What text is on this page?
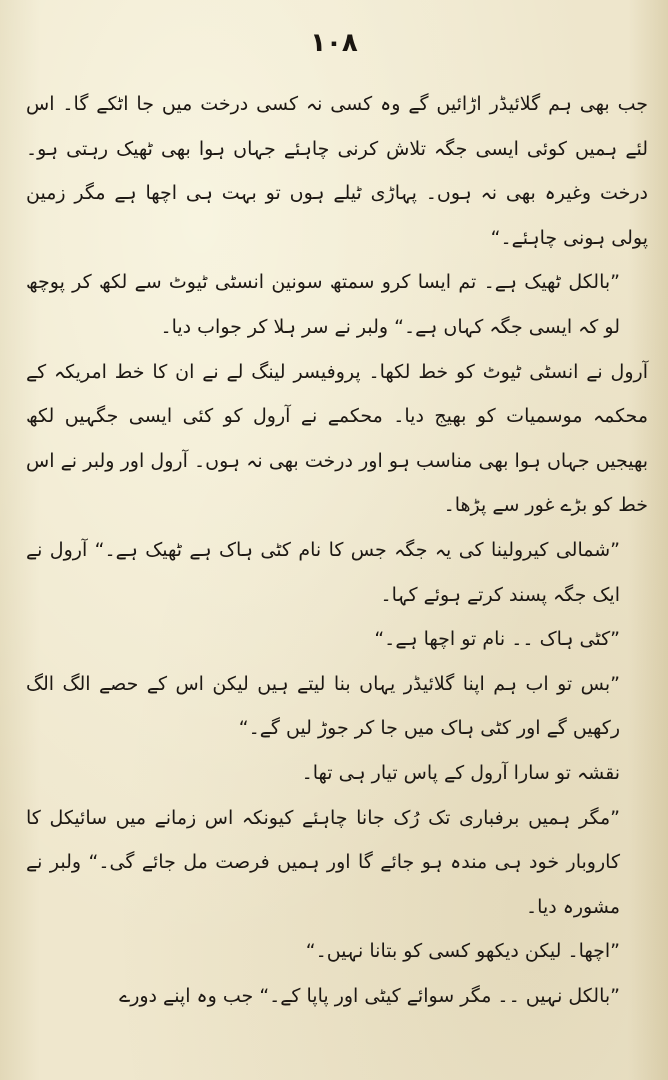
۱۰۸

جب بھی ہم گلائیڈر اڑائیں گے وہ کسی نہ کسی درخت میں جا اٹکے گا۔ اس لئے ہمیں کوئی ایسی جگہ تلاش کرنی چاہئے جہاں ہوا بھی ٹھیک رہتی ہو۔ درخت وغیرہ بھی نہ ہوں۔ پہاڑی ٹیلے ہوں تو بہت ہی اچھا ہے مگر زمین پولی ہونی چاہئے۔“

”بالکل ٹھیک ہے۔ تم ایسا کرو سمتھ سونین انسٹی ٹیوٹ سے لکھ کر پوچھ لو کہ ایسی جگہ کہاں ہے۔“ ولبر نے سر ہلا کر جواب دیا۔

آرول نے انسٹی ٹیوٹ کو خط لکھا۔ پروفیسر لینگ لے نے ان کا خط امریکہ کے محکمہ موسمیات کو بھیج دیا۔ محکمے نے آرول کو کئی ایسی جگہیں لکھ بھیجیں جہاں ہوا بھی مناسب ہو اور درخت بھی نہ ہوں۔ آرول اور ولبر نے اس خط کو بڑے غور سے پڑھا۔

”شمالی کیرولینا کی یہ جگہ جس کا نام کٹی ہاک ہے ٹھیک ہے۔“ آرول نے ایک جگہ پسند کرتے ہوئے کہا۔

”کٹی ہاک ۔۔ نام تو اچھا ہے۔“

”بس تو اب ہم اپنا گلائیڈر یہاں بنا لیتے ہیں لیکن اس کے حصے الگ الگ رکھیں گے اور کٹی ہاک میں جا کر جوڑ لیں گے۔“

نقشہ تو سارا آرول کے پاس تیار ہی تھا۔

”مگر ہمیں برفباری تک رُک جانا چاہئے کیونکہ اس زمانے میں سائیکل کا کاروبار خود ہی مندہ ہو جائے گا اور ہمیں فرصت مل جائے گی۔“ ولبر نے مشورہ دیا۔

”اچھا۔ لیکن دیکھو کسی کو بتانا نہیں۔“

”بالکل نہیں ۔۔ مگر سوائے کیٹی اور پاپا کے۔“ جب وہ اپنے دورے
